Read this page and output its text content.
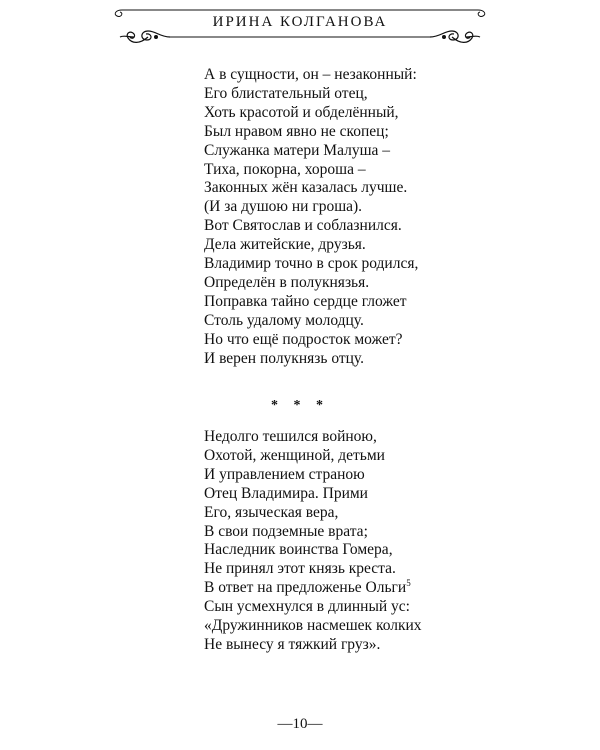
ИРИНА КОЛГАНОВА
А в сущности, он – незаконный:
Его блистательный отец,
Хоть красотой и обделённый,
Был нравом явно не скопец;
Служанка матери Малуша –
Тиха, покорна, хороша –
Законных жён казалась лучше.
(И за душою ни гроша).
Вот Святослав и соблазнился.
Дела житейские, друзья.
Владимир точно в срок родился,
Определён в полукнязья.
Поправка тайно сердце гложет
Столь удалому молодцу.
Но что ещё подросток может?
И верен полукнязь отцу.
* * *
Недолго тешился войною,
Охотой, женщиной, детьми
И управлением страною
Отец Владимира. Прими
Его, языческая вера,
В свои подземные врата;
Наследник воинства Гомера,
Не принял этот князь креста.
В ответ на предложенье Ольги$^5$
Сын усмехнулся в длинный ус:
«Дружинников насмешек колких
Не вынесу я тяжкий груз».
—10—
